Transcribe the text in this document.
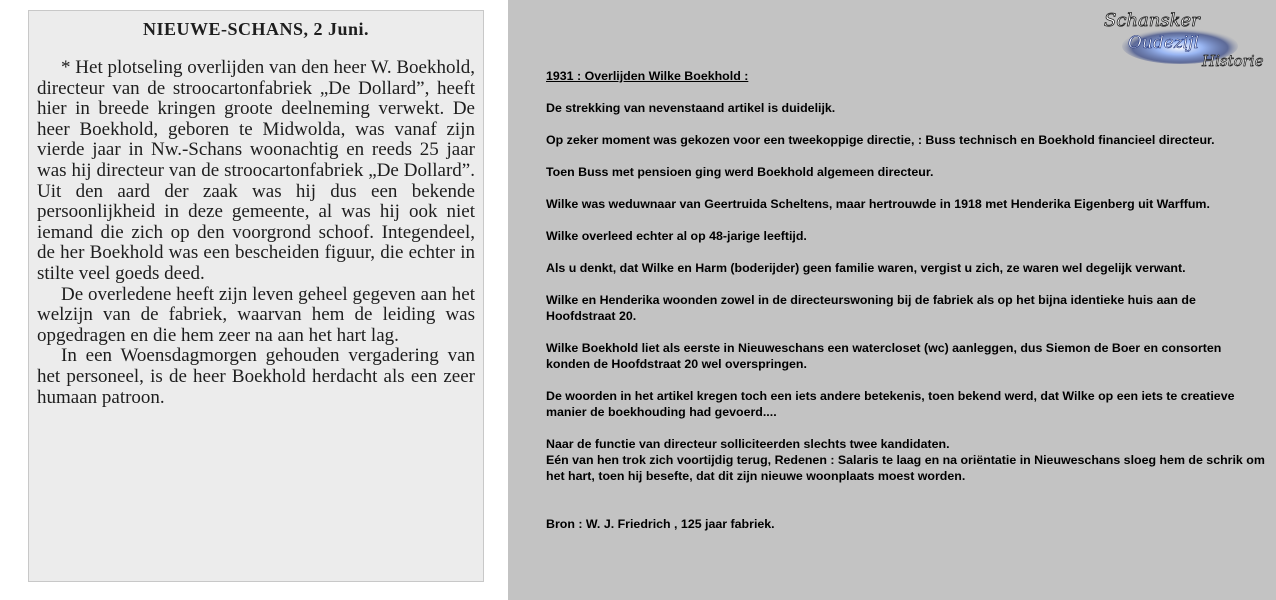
NIEUWE-SCHANS, 2 Juni.

* Het plotseling overlijden van den heer W. Boekhold, directeur van de stroocartonfabriek „De Dollard”, heeft hier in breede kringen groote deelneming verwekt. De heer Boekhold, geboren te Midwolda, was vanaf zijn vierde jaar in Nw.-Schans woonachtig en reeds 25 jaar was hij directeur van de stroocartonfabriek „De Dollard”. Uit den aard der zaak was hij dus een bekende persoonlijkheid in deze gemeente, al was hij ook niet iemand die zich op den voorgrond schoof. Integendeel, de her Boekhold was een bescheiden figuur, die echter in stilte veel goeds deed.

De overledene heeft zijn leven geheel gegeven aan het welzijn van de fabriek, waarvan hem de leiding was opgedragen en die hem zeer na aan het hart lag.

In een Woensdagmorgen gehouden vergadering van het personeel, is de heer Boekhold herdacht als een zeer humaan patroon.

Schansker
Oudezijl
Historie

1931 : Overlijden Wilke Boekhold :

De strekking van nevenstaand artikel is duidelijk.

Op zeker moment was gekozen voor een tweekoppige directie, : Buss technisch en Boekhold financieel directeur.

Toen Buss met pensioen ging werd Boekhold algemeen directeur.

Wilke was weduwnaar van Geertruida Scheltens, maar hertrouwde in 1918 met Henderika Eigenberg uit Warffum.

Wilke overleed echter al op 48-jarige leeftijd.

Als u denkt, dat Wilke en Harm (boderijder) geen familie waren, vergist u zich, ze waren wel degelijk verwant.

Wilke en Henderika woonden zowel in de directeurswoning bij de fabriek als op het bijna identieke huis aan de Hoofdstraat 20.

Wilke Boekhold liet als eerste in Nieuweschans een watercloset (wc) aanleggen, dus Siemon de Boer en consorten konden de Hoofdstraat 20 wel overspringen.

De woorden in het artikel kregen toch een iets andere betekenis, toen bekend werd, dat Wilke op een iets te creatieve manier de boekhouding had gevoerd....

Naar de functie van directeur solliciteerden slechts twee kandidaten.

Eén van hen trok zich voortijdig terug, Redenen : Salaris te laag en na oriëntatie in Nieuweschans sloeg hem de schrik om het hart, toen hij besefte, dat dit zijn nieuwe woonplaats moest worden.

Bron : W. J. Friedrich , 125 jaar fabriek.
